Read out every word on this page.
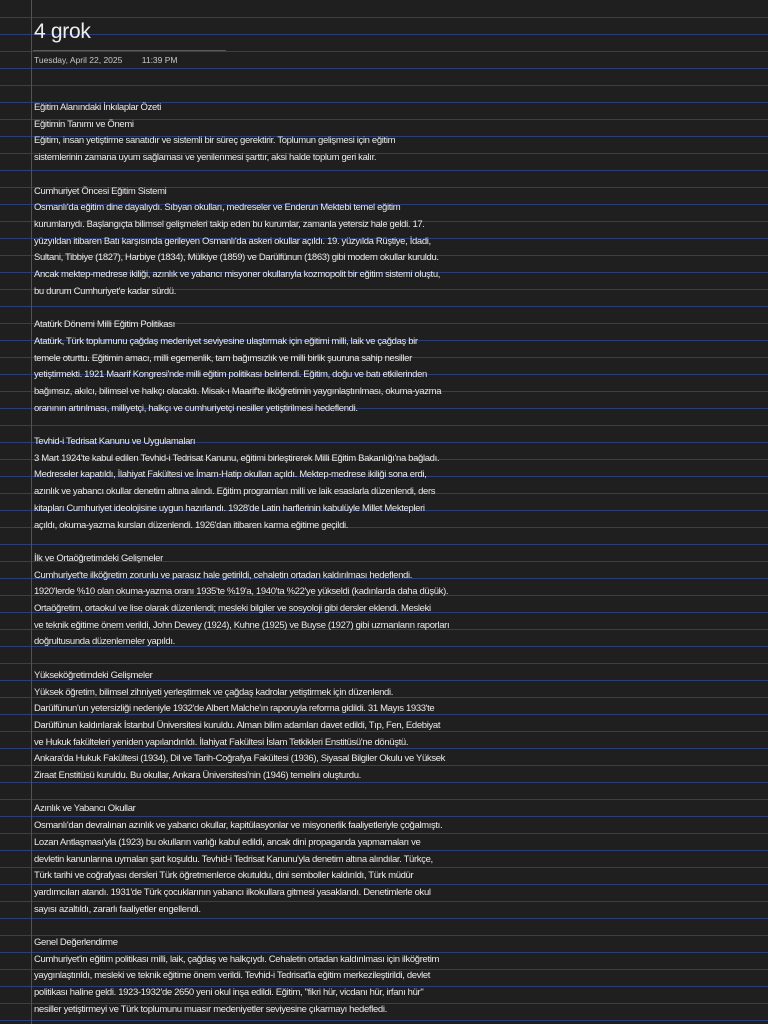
4 grok
Tuesday, April 22, 2025 11:39 PM

Eğitim Alanındaki İnkılaplar Özeti

Eğitimin Tanımı ve Önemi

Eğitim, insan yetiştirme sanatıdır ve sistemli bir süreç gerektirir. Toplumun gelişmesi için eğitim

sistemlerinin zamana uyum sağlaması ve yenilenmesi şarttır, aksi halde toplum geri kalır.

Cumhuriyet Öncesi Eğitim Sistemi

Osmanlı'da eğitim dine dayalıydı. Sıbyan okulları, medreseler ve Enderun Mektebi temel eğitim

kurumlarıydı. Başlangıçta bilimsel gelişmeleri takip eden bu kurumlar, zamanla yetersiz hale geldi. 17.

yüzyıldan itibaren Batı karşısında gerileyen Osmanlı'da askeri okullar açıldı. 19. yüzyılda Rüştiye, İdadi,

Sultani, Tibbiye (1827), Harbiye (1834), Mülkiye (1859) ve Darülfünun (1863) gibi modern okullar kuruldu.

Ancak mektep-medrese ikiliği, azınlık ve yabancı misyoner okullarıyla kozmopolit bir eğitim sistemi oluştu,

bu durum Cumhuriyet'e kadar sürdü.

Atatürk Dönemi Milli Eğitim Politikası

Atatürk, Türk toplumunu çağdaş medeniyet seviyesine ulaştırmak için eğitimi milli, laik ve çağdaş bir

temele oturttu. Eğitimin amacı, milli egemenlik, tam bağımsızlık ve milli birlik şuuruna sahip nesiller

yetiştirmekti. 1921 Maarif Kongresi'nde milli eğitim politikası belirlendi. Eğitim, doğu ve batı etkilerinden

bağımsız, akılcı, bilimsel ve halkçı olacaktı. Misak-ı Maarif'te ilköğretimin yaygınlaştırılması, okuma-yazma

oranının artırılması, milliyetçi, halkçı ve cumhuriyetçi nesiller yetiştirilmesi hedeflendi.

Tevhid-i Tedrisat Kanunu ve Uygulamaları

3 Mart 1924'te kabul edilen Tevhid-i Tedrisat Kanunu, eğitimi birleştirerek Milli Eğitim Bakanlığı'na bağladı.

Medreseler kapatıldı, İlahiyat Fakültesi ve İmam-Hatip okulları açıldı. Mektep-medrese ikiliği sona erdi,

azınlık ve yabancı okullar denetim altına alındı. Eğitim programları milli ve laik esaslarla düzenlendi, ders

kitapları Cumhuriyet ideolojisine uygun hazırlandı. 1928'de Latin harflerinin kabulüyle Millet Mektepleri

açıldı, okuma-yazma kursları düzenlendi. 1926'dan itibaren karma eğitime geçildi.

İlk ve Ortaöğretimdeki Gelişmeler

Cumhuriyet'te ilköğretim zorunlu ve parasız hale getirildi, cehaletin ortadan kaldırılması hedeflendi.

1920'lerde %10 olan okuma-yazma oranı 1935'te %19'a, 1940'ta %22'ye yükseldi (kadınlarda daha düşük).

Ortaöğretim, ortaokul ve lise olarak düzenlendi; mesleki bilgiler ve sosyoloji gibi dersler eklendi. Mesleki

ve teknik eğitime önem verildi, John Dewey (1924), Kuhne (1925) ve Buyse (1927) gibi uzmanların raporları

doğrultusunda düzenlemeler yapıldı.

Yükseköğretimdeki Gelişmeler

Yüksek öğretim, bilimsel zihniyeti yerleştirmek ve çağdaş kadrolar yetiştirmek için düzenlendi.

Darülfünun'un yetersizliği nedeniyle 1932'de Albert Malche'ın raporuyla reforma gidildi. 31 Mayıs 1933'te

Darülfünun kaldırılarak İstanbul Üniversitesi kuruldu. Alman bilim adamları davet edildi, Tıp, Fen, Edebiyat

ve Hukuk fakülteleri yeniden yapılandırıldı. İlahiyat Fakültesi İslam Tetkikleri Enstitüsü'ne dönüştü.

Ankara'da Hukuk Fakültesi (1934), Dil ve Tarih-Coğrafya Fakültesi (1936), Siyasal Bilgiler Okulu ve Yüksek

Ziraat Enstitüsü kuruldu. Bu okullar, Ankara Üniversitesi'nin (1946) temelini oluşturdu.

Azınlık ve Yabancı Okullar

Osmanlı'dan devralınan azınlık ve yabancı okullar, kapitülasyonlar ve misyonerlik faaliyetleriyle çoğalmıştı.

Lozan Antlaşması'yla (1923) bu okulların varlığı kabul edildi, ancak dini propaganda yapmamaları ve

devletin kanunlarına uymaları şart koşuldu. Tevhid-i Tedrisat Kanunu'yla denetim altına alındılar. Türkçe,

Türk tarihi ve coğrafyası dersleri Türk öğretmenlerce okutuldu, dini semboller kaldırıldı, Türk müdür

yardımcıları atandı. 1931'de Türk çocuklarının yabancı ilkokullara gitmesi yasaklandı. Denetimlerle okul

sayısı azaltıldı, zararlı faaliyetler engellendi.

Genel Değerlendirme

Cumhuriyet'in eğitim politikası milli, laik, çağdaş ve halkçıydı. Cehaletin ortadan kaldırılması için ilköğretim

yaygınlaştırıldı, mesleki ve teknik eğitime önem verildi. Tevhid-i Tedrisat'la eğitim merkezileştirildi, devlet

politikası haline geldi. 1923-1932'de 2650 yeni okul inşa edildi. Eğitim, "fikri hür, vicdanı hür, irfanı hür"

nesiller yetiştirmeyi ve Türk toplumunu muasır medeniyetler seviyesine çıkarmayı hedefledi.
